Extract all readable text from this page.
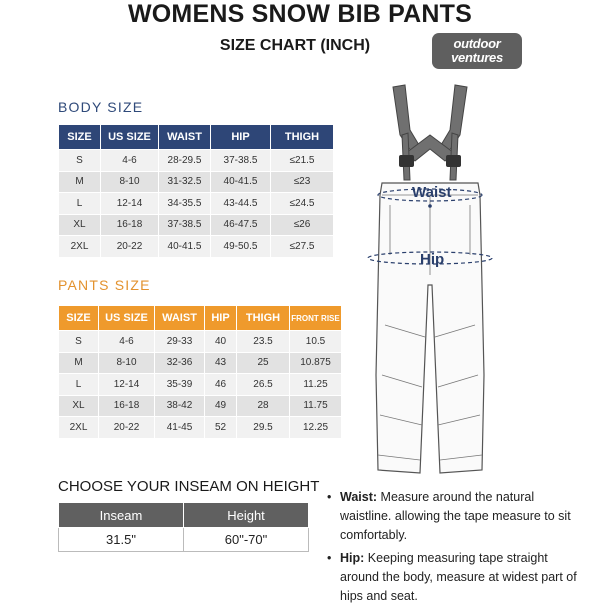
WOMENS SNOW BIB PANTS
SIZE CHART (INCH)	outdoor
ventures
BODY SIZE
SIZE	US SIZE	WAIST	HIP	THIGH
S	4-6	28-29.5	37-38.5	≤21.5
M	8-10	31-32.5	40-41.5	≤23
L	12-14	34-35.5	43-44.5	≤24.5
XL	16-18	37-38.5	46-47.5	≤26
2XL	20-22	40-41.5	49-50.5	≤27.5
PANTS SIZE
SIZE	US SIZE	WAIST	HIP	THIGH	FRONT RISE
S	4-6	29-33	40	23.5	10.5
M	8-10	32-36	43	25	10.875
L	12-14	35-39	46	26.5	11.25
XL	16-18	38-42	49	28	11.75
2XL	20-22	41-45	52	29.5	12.25
CHOOSE YOUR INSEAM ON HEIGHT
Inseam	Height
31.5"	60"-70"
Waist
Hip
• Waist: Measure around the natural waistline. allowing the tape measure to sit comfortably.
• Hip: Keeping measuring tape straight around the body, measure at widest part of hips and seat.
